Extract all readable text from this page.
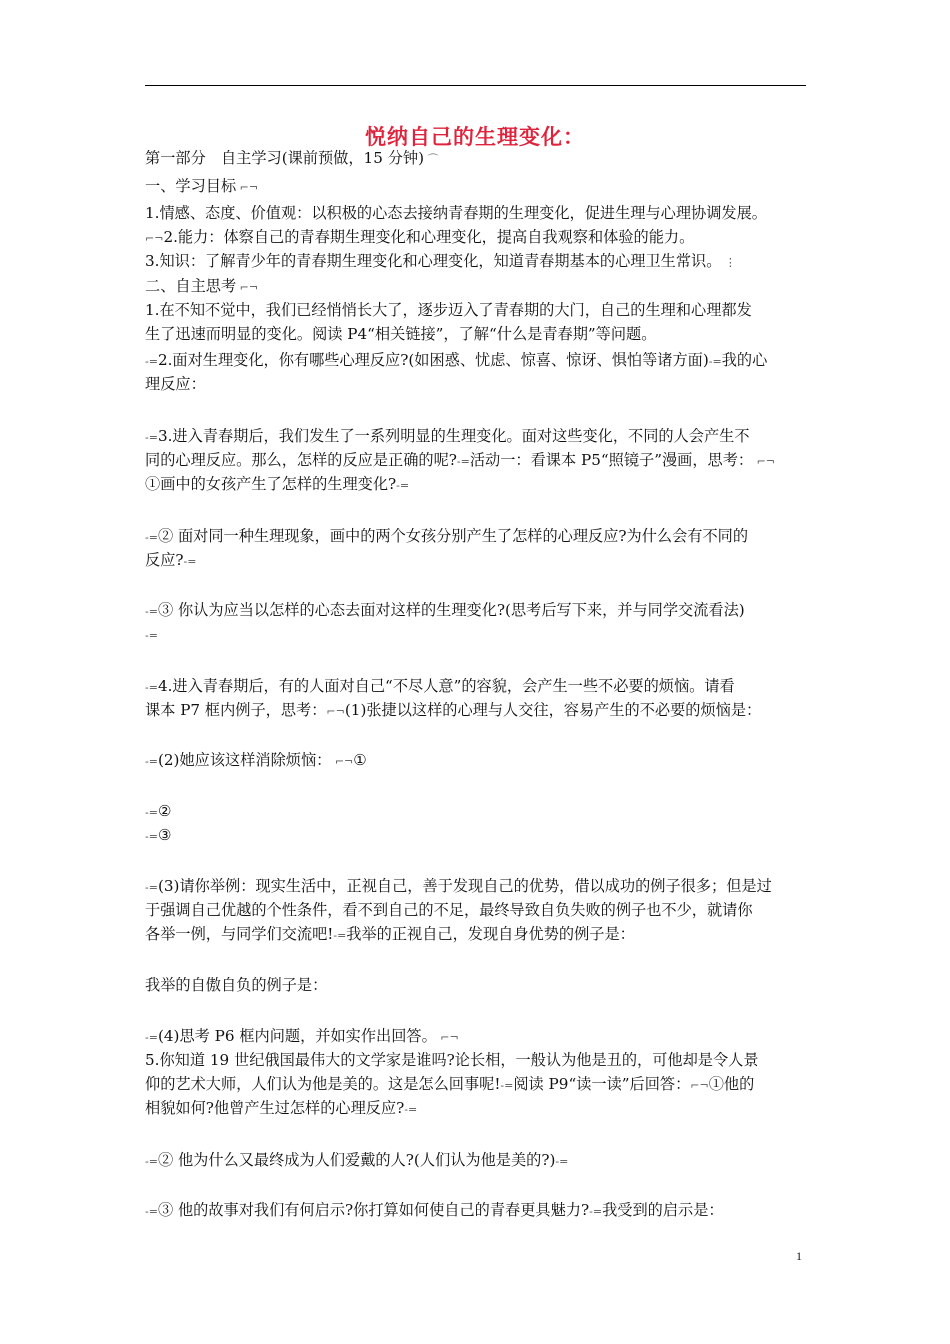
悦纳自己的生理变化：
第一部分　自主学习(课前预做，15 分钟) ⌒
一、学习目标 ⌐¬
1.情感、态度、价值观：以积极的心态去接纳青春期的生理变化，促进生理与心理协调发展。
⌐¬2.能力：体察自己的青春期生理变化和心理变化，提高自我观察和体验的能力。
3.知识：了解青少年的青春期生理变化和心理变化，知道青春期基本的心理卫生常识。 ⋮
二、自主思考 ⌐¬
1.在不知不觉中，我们已经悄悄长大了，逐步迈入了青春期的大门，自己的生理和心理都发
生了迅速而明显的变化。阅读 P4“相关链接”，了解“什么是青春期”等问题。
-=2.面对生理变化，你有哪些心理反应?(如困惑、忧虑、惊喜、惊讶、惧怕等诸方面)-=我的心
理反应：
-=3.进入青春期后，我们发生了一系列明显的生理变化。面对这些变化，不同的人会产生不
同的心理反应。那么，怎样的反应是正确的呢?-=活动一：看课本 P5“照镜子”漫画，思考： ⌐¬
①画中的女孩产生了怎样的生理变化?-=
-=② 面对同一种生理现象，画中的两个女孩分别产生了怎样的心理反应?为什么会有不同的
反应?-=
-=③ 你认为应当以怎样的心态去面对这样的生理变化?(思考后写下来，并与同学交流看法)
-=
-=4.进入青春期后，有的人面对自己“不尽人意”的容貌，会产生一些不必要的烦恼。请看
课本 P7 框内例子，思考：⌐¬(1)张捷以这样的心理与人交往，容易产生的不必要的烦恼是：
-=(2)她应该这样消除烦恼： ⌐¬①
-=②
-=③
-=(3)请你举例：现实生活中，正视自己，善于发现自己的优势，借以成功的例子很多；但是过
于强调自己优越的个性条件，看不到自己的不足，最终导致自负失败的例子也不少，就请你
各举一例，与同学们交流吧!-=我举的正视自己，发现自身优势的例子是：
我举的自傲自负的例子是：
-=(4)思考 P6 框内问题，并如实作出回答。 ⌐¬
5.你知道 19 世纪俄国最伟大的文学家是谁吗?论长相，一般认为他是丑的，可他却是令人景
仰的艺术大师，人们认为他是美的。这是怎么回事呢!-=阅读 P9“读一读”后回答：⌐¬①他的
相貌如何?他曾产生过怎样的心理反应?-=
-=② 他为什么又最终成为人们爱戴的人?(人们认为他是美的?)-=
-=③ 他的故事对我们有何启示?你打算如何使自己的青春更具魅力?-=我受到的启示是：
1
